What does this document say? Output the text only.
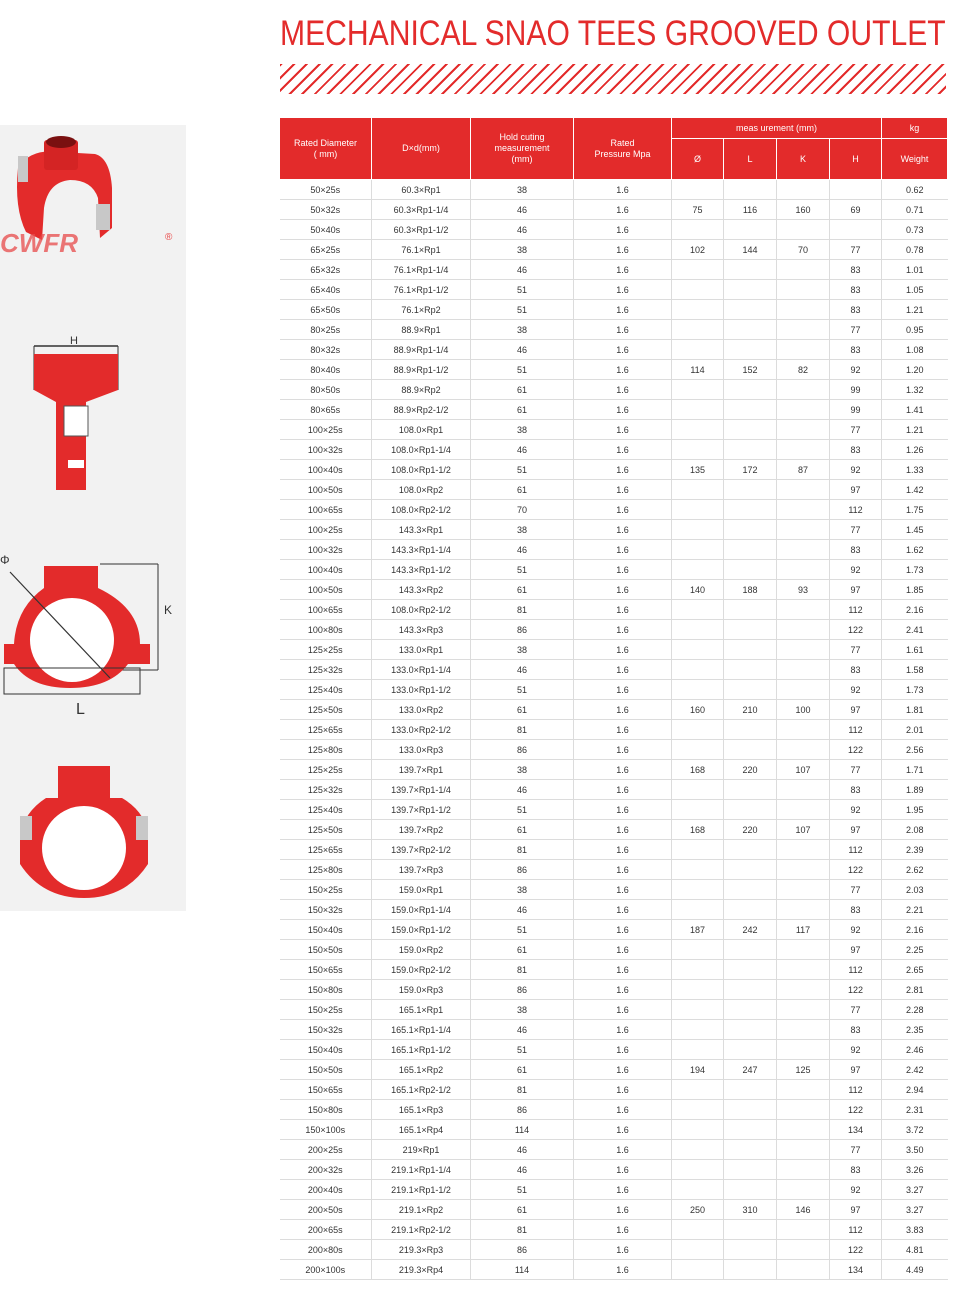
MECHANICAL SNAO TEES GROOVED OUTLET
CWFR	®
H
K
Φ
L
Rated Diameter
( mm)	D×d(mm)	Hold cuting measurement
(mm)	Rated
Pressure Mpa	meas urement (mm)				kg
				Ø	L	K	H	Weight
50×25s	60.3×Rp1	38	1.6					0.62
50×32s	60.3×Rp1-1/4	46	1.6	75	116	160	69	0.71
50×40s	60.3×Rp1-1/2	46	1.6					0.73
65×25s	76.1×Rp1	38	1.6	102	144	70	77	0.78
65×32s	76.1×Rp1-1/4	46	1.6				83	1.01
65×40s	76.1×Rp1-1/2	51	1.6				83	1.05
65×50s	76.1×Rp2	51	1.6				83	1.21
80×25s	88.9×Rp1	38	1.6				77	0.95
80×32s	88.9×Rp1-1/4	46	1.6				83	1.08
80×40s	88.9×Rp1-1/2	51	1.6	114	152	82	92	1.20
80×50s	88.9×Rp2	61	1.6				99	1.32
80×65s	88.9×Rp2-1/2	61	1.6				99	1.41
100×25s	108.0×Rp1	38	1.6				77	1.21
100×32s	108.0×Rp1-1/4	46	1.6				83	1.26
100×40s	108.0×Rp1-1/2	51	1.6	135	172	87	92	1.33
100×50s	108.0×Rp2	61	1.6				97	1.42
100×65s	108.0×Rp2-1/2	70	1.6				112	1.75
100×25s	143.3×Rp1	38	1.6				77	1.45
100×32s	143.3×Rp1-1/4	46	1.6				83	1.62
100×40s	143.3×Rp1-1/2	51	1.6				92	1.73
100×50s	143.3×Rp2	61	1.6	140	188	93	97	1.85
100×65s	108.0×Rp2-1/2	81	1.6				112	2.16
100×80s	143.3×Rp3	86	1.6				122	2.41
125×25s	133.0×Rp1	38	1.6				77	1.61
125×32s	133.0×Rp1-1/4	46	1.6				83	1.58
125×40s	133.0×Rp1-1/2	51	1.6				92	1.73
125×50s	133.0×Rp2	61	1.6	160	210	100	97	1.81
125×65s	133.0×Rp2-1/2	81	1.6				112	2.01
125×80s	133.0×Rp3	86	1.6				122	2.56
125×25s	139.7×Rp1	38	1.6	168	220	107	77	1.71
125×32s	139.7×Rp1-1/4	46	1.6				83	1.89
125×40s	139.7×Rp1-1/2	51	1.6				92	1.95
125×50s	139.7×Rp2	61	1.6	168	220	107	97	2.08
125×65s	139.7×Rp2-1/2	81	1.6				112	2.39
125×80s	139.7×Rp3	86	1.6				122	2.62
150×25s	159.0×Rp1	38	1.6				77	2.03
150×32s	159.0×Rp1-1/4	46	1.6				83	2.21
150×40s	159.0×Rp1-1/2	51	1.6	187	242	117	92	2.16
150×50s	159.0×Rp2	61	1.6				97	2.25
150×65s	159.0×Rp2-1/2	81	1.6				112	2.65
150×80s	159.0×Rp3	86	1.6				122	2.81
150×25s	165.1×Rp1	38	1.6				77	2.28
150×32s	165.1×Rp1-1/4	46	1.6				83	2.35
150×40s	165.1×Rp1-1/2	51	1.6				92	2.46
150×50s	165.1×Rp2	61	1.6	194	247	125	97	2.42
150×65s	165.1×Rp2-1/2	81	1.6				112	2.94
150×80s	165.1×Rp3	86	1.6				122	2.31
150×100s	165.1×Rp4	114	1.6				134	3.72
200×25s	219×Rp1	46	1.6				77	3.50
200×32s	219.1×Rp1-1/4	46	1.6				83	3.26
200×40s	219.1×Rp1-1/2	51	1.6				92	3.27
200×50s	219.1×Rp2	61	1.6	250	310	146	97	3.27
200×65s	219.1×Rp2-1/2	81	1.6				112	3.83
200×80s	219.3×Rp3	86	1.6				122	4.81
200×100s	219.3×Rp4	114	1.6				134	4.49
